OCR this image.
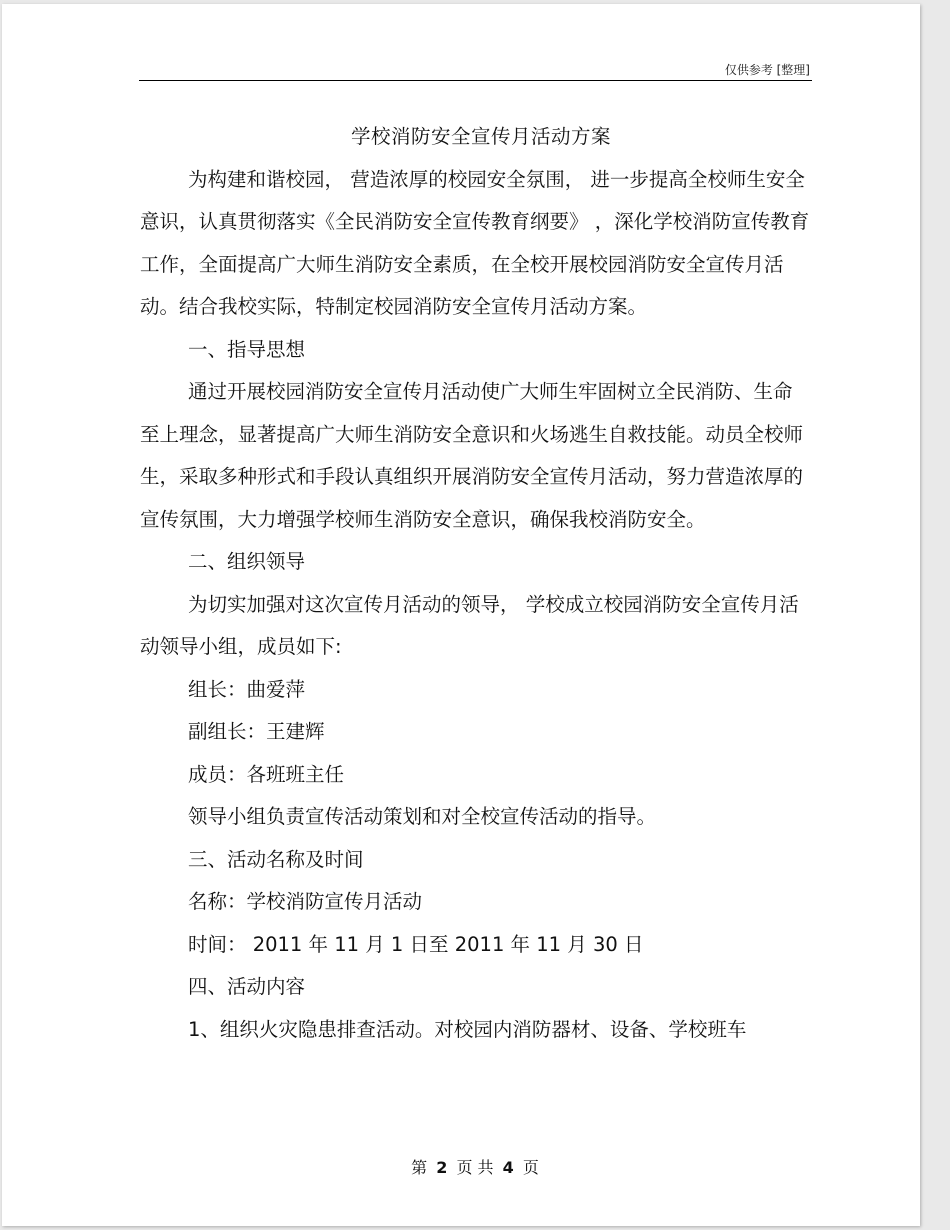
仅供参考 [整理]
学校消防安全宣传月活动方案

为构建和谐校园， 营造浓厚的校园安全氛围， 进一步提高全校师生安全意识，认真贯彻落实《全民消防安全宣传教育纲要》 ，深化学校消防宣传教育工作，全面提高广大师生消防安全素质，在全校开展校园消防安全宣传月活动。结合我校实际，特制定校园消防安全宣传月活动方案。

一、指导思想

通过开展校园消防安全宣传月活动使广大师生牢固树立全民消防、生命至上理念，显著提高广大师生消防安全意识和火场逃生自救技能。动员全校师生，采取多种形式和手段认真组织开展消防安全宣传月活动，努力营造浓厚的宣传氛围，大力增强学校师生消防安全意识，确保我校消防安全。

二、组织领导

为切实加强对这次宣传月活动的领导， 学校成立校园消防安全宣传月活动领导小组，成员如下:

组长：曲爱萍
副组长：王建辉
成员：各班班主任
领导小组负责宣传活动策划和对全校宣传活动的指导。
三、活动名称及时间
名称：学校消防宣传月活动
时间： 2011 年 11 月 1 日至 2011 年 11 月 30 日
四、活动内容
1、组织火灾隐患排查活动。对校园内消防器材、设备、学校班车
第 2 页 共 4 页
